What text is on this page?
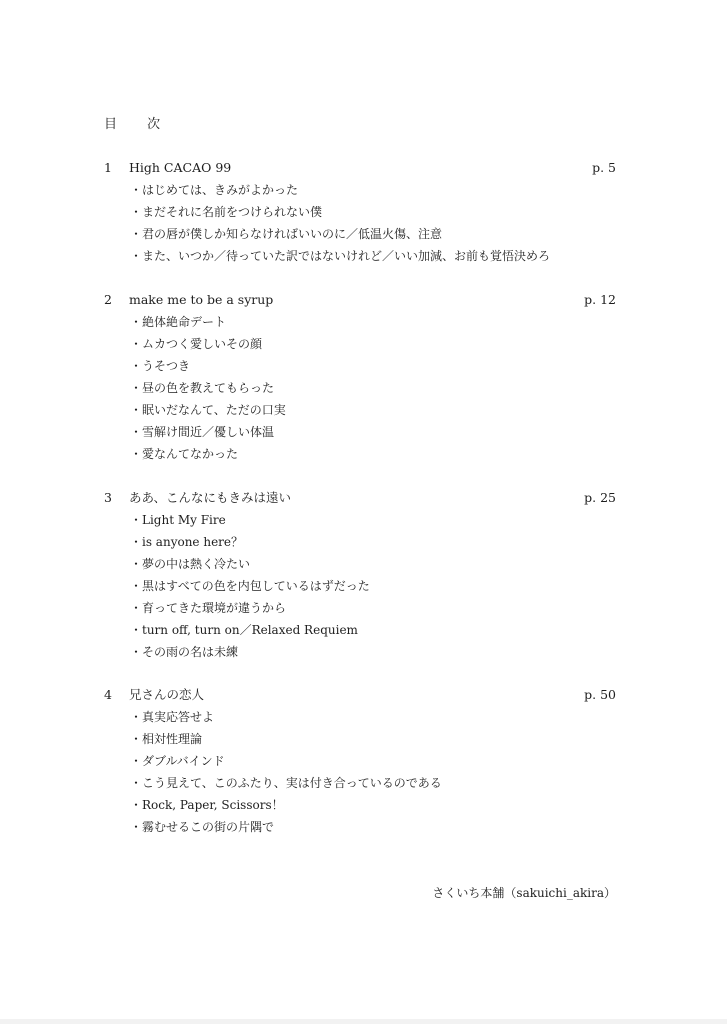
目 次
1 High CACAO 99	p. 5
・はじめては、きみがよかった
・まだそれに名前をつけられない僕
・君の唇が僕しか知らなければいいのに／低温火傷、注意
・また、いつか／待っていた訳ではないけれど／いい加減、お前も覚悟決めろ
2 make me to be a syrup	p. 12
・絶体絶命デート
・ムカつく愛しいその顔
・うそつき
・昼の色を教えてもらった
・眠いだなんて、ただの口実
・雪解け間近／優しい体温
・愛なんてなかった
3 ああ、こんなにもきみは遠い	p. 25
・Light My Fire
・is anyone here？
・夢の中は熱く冷たい
・黒はすべての色を内包しているはずだった
・育ってきた環境が違うから
・turn off, turn on／Relaxed Requiem
・その雨の名は未練
4 兄さんの恋人	p. 50
・真実応答せよ
・相対性理論
・ダブルバインド
・こう見えて、このふたり、実は付き合っているのである
・Rock, Paper, Scissors！
・霧むせるこの街の片隅で
さくいち本舗（sakuichi_akira）
